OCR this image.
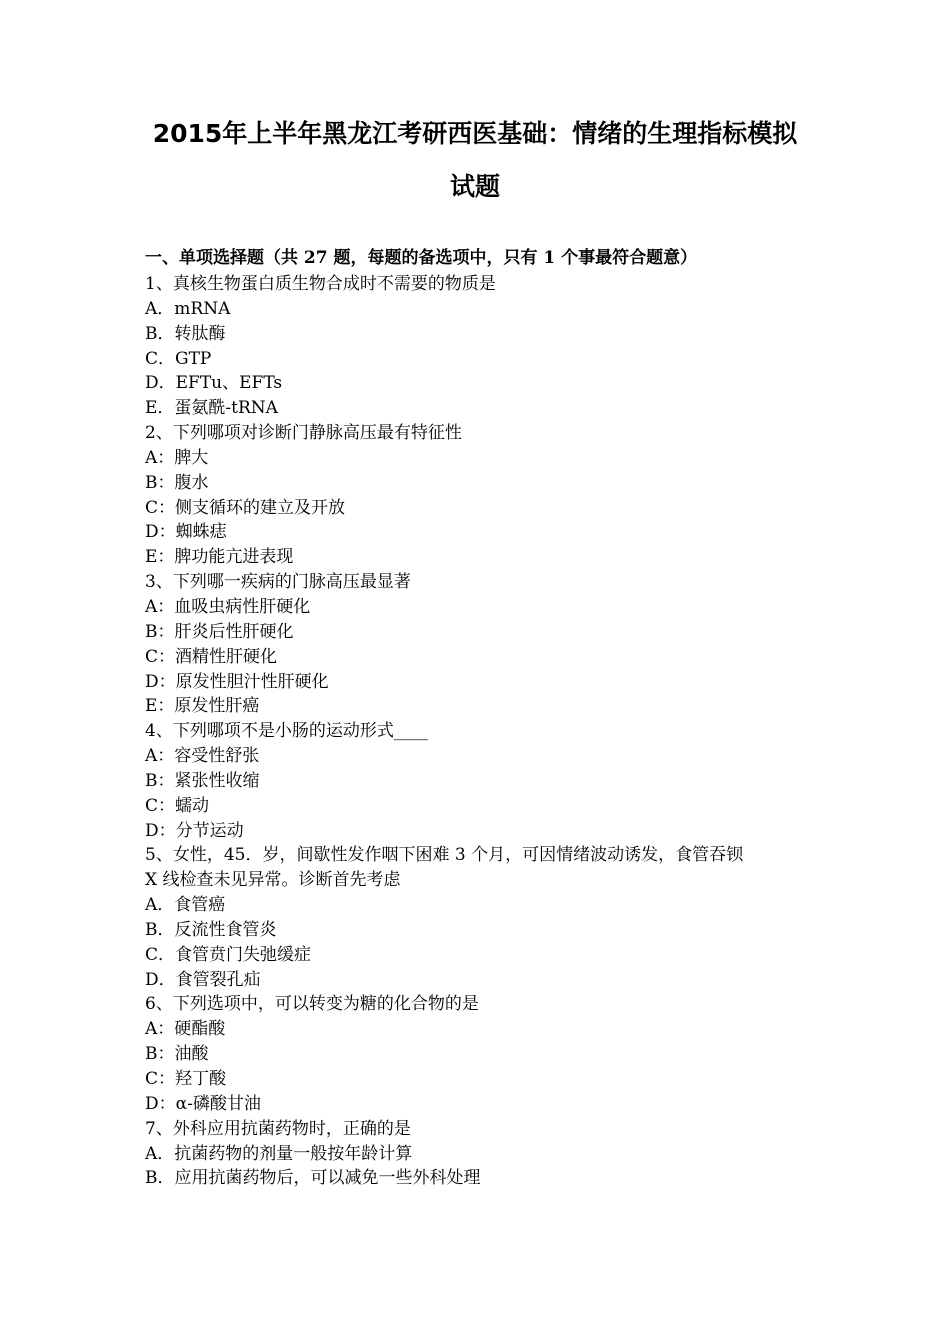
2015年上半年黑龙江考研西医基础：情绪的生理指标模拟
试题
一、单项选择题（共 27 题，每题的备选项中，只有 1 个事最符合题意）
1、真核生物蛋白质生物合成时不需要的物质是
A．mRNA
B．转肽酶
C．GTP
D．EFTu、EFTs
E．蛋氨酰-tRNA
2、下列哪项对诊断门静脉高压最有特征性
A：脾大
B：腹水
C：侧支循环的建立及开放
D：蜘蛛痣
E：脾功能亢进表现
3、下列哪一疾病的门脉高压最显著
A：血吸虫病性肝硬化
B：肝炎后性肝硬化
C：酒精性肝硬化
D：原发性胆汁性肝硬化
E：原发性肝癌
4、下列哪项不是小肠的运动形式____
A：容受性舒张
B：紧张性收缩
C：蠕动
D：分节运动
5、女性，45．岁，间歇性发作咽下困难 3 个月，可因情绪波动诱发，食管吞钡
X 线检查未见异常。诊断首先考虑
A．食管癌
B．反流性食管炎
C．食管贲门失弛缓症
D．食管裂孔疝
6、下列选项中，可以转变为糖的化合物的是
A：硬酯酸
B：油酸
C：羟丁酸
D：α-磷酸甘油
7、外科应用抗菌药物时，正确的是
A．抗菌药物的剂量一般按年龄计算
B．应用抗菌药物后，可以减免一些外科处理
